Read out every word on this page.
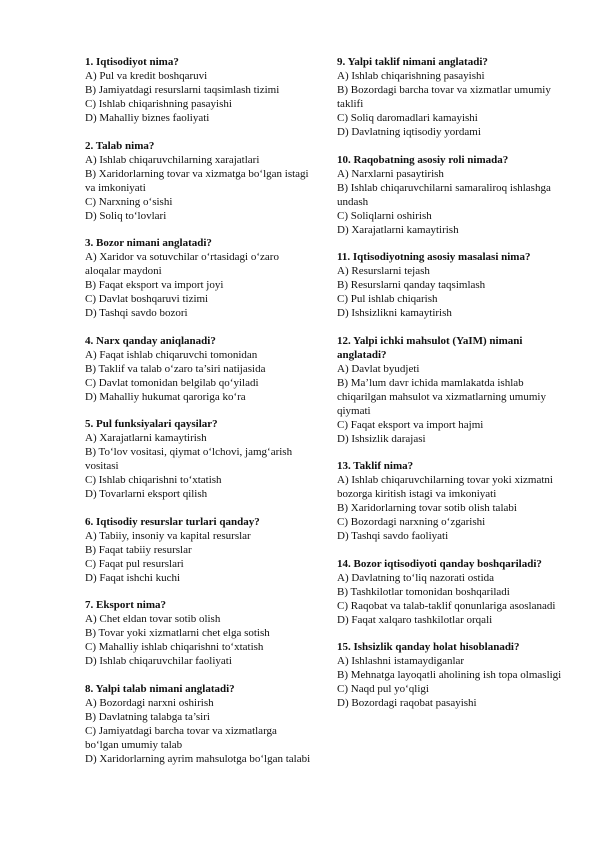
1. Iqtisodiyot nima?
A) Pul va kredit boshqaruvi
B) Jamiyatdagi resurslarni taqsimlash tizimi
C) Ishlab chiqarishning pasayishi
D) Mahalliy biznes faoliyati
2. Talab nima?
A) Ishlab chiqaruvchilarning xarajatlari
B) Xaridorlarning tovar va xizmatga bo‘lgan istagi va imkoniyati
C) Narxning o‘sishi
D) Soliq to‘lovlari
3. Bozor nimani anglatadi?
A) Xaridor va sotuvchilar o‘rtasidagi o‘zaro aloqalar maydoni
B) Faqat eksport va import joyi
C) Davlat boshqaruvi tizimi
D) Tashqi savdo bozori
4. Narx qanday aniqlanadi?
A) Faqat ishlab chiqaruvchi tomonidan
B) Taklif va talab o‘zaro ta’siri natijasida
C) Davlat tomonidan belgilab qo‘yiladi
D) Mahalliy hukumat qaroriga ko‘ra
5. Pul funksiyalari qaysilar?
A) Xarajatlarni kamaytirish
B) To‘lov vositasi, qiymat o‘lchovi, jamg‘arish vositasi
C) Ishlab chiqarishni to‘xtatish
D) Tovarlarni eksport qilish
6. Iqtisodiy resurslar turlari qanday?
A) Tabiiy, insoniy va kapital resurslar
B) Faqat tabiiy resurslar
C) Faqat pul resurslari
D) Faqat ishchi kuchi
7. Eksport nima?
A) Chet eldan tovar sotib olish
B) Tovar yoki xizmatlarni chet elga sotish
C) Mahalliy ishlab chiqarishni to‘xtatish
D) Ishlab chiqaruvchilar faoliyati
8. Yalpi talab nimani anglatadi?
A) Bozordagi narxni oshirish
B) Davlatning talabga ta’siri
C) Jamiyatdagi barcha tovar va xizmatlarga bo‘lgan umumiy talab
D) Xaridorlarning ayrim mahsulotga bo‘lgan talabi
9. Yalpi taklif nimani anglatadi?
A) Ishlab chiqarishning pasayishi
B) Bozordagi barcha tovar va xizmatlar umumiy taklifi
C) Soliq daromadlari kamayishi
D) Davlatning iqtisodiy yordami
10. Raqobatning asosiy roli nimada?
A) Narxlarni pasaytirish
B) Ishlab chiqaruvchilarni samaraliroq ishlashga undash
C) Soliqlarni oshirish
D) Xarajatlarni kamaytirish
11. Iqtisodiyotning asosiy masalasi nima?
A) Resurslarni tejash
B) Resurslarni qanday taqsimlash
C) Pul ishlab chiqarish
D) Ishsizlikni kamaytirish
12. Yalpi ichki mahsulot (YaIM) nimani anglatadi?
A) Davlat byudjeti
B) Ma’lum davr ichida mamlakatda ishlab chiqarilgan mahsulot va xizmatlarning umumiy qiymati
C) Faqat eksport va import hajmi
D) Ishsizlik darajasi
13. Taklif nima?
A) Ishlab chiqaruvchilarning tovar yoki xizmatni bozorga kiritish istagi va imkoniyati
B) Xaridorlarning tovar sotib olish talabi
C) Bozordagi narxning o‘zgarishi
D) Tashqi savdo faoliyati
14. Bozor iqtisodiyoti qanday boshqariladi?
A) Davlatning to‘liq nazorati ostida
B) Tashkilotlar tomonidan boshqariladi
C) Raqobat va talab-taklif qonunlariga asoslanadi
D) Faqat xalqaro tashkilotlar orqali
15. Ishsizlik qanday holat hisoblanadi?
A) Ishlashni istamaydiganlar
B) Mehnatga layoqatli aholining ish topa olmasligi
C) Naqd pul yo‘qligi
D) Bozordagi raqobat pasayishi
